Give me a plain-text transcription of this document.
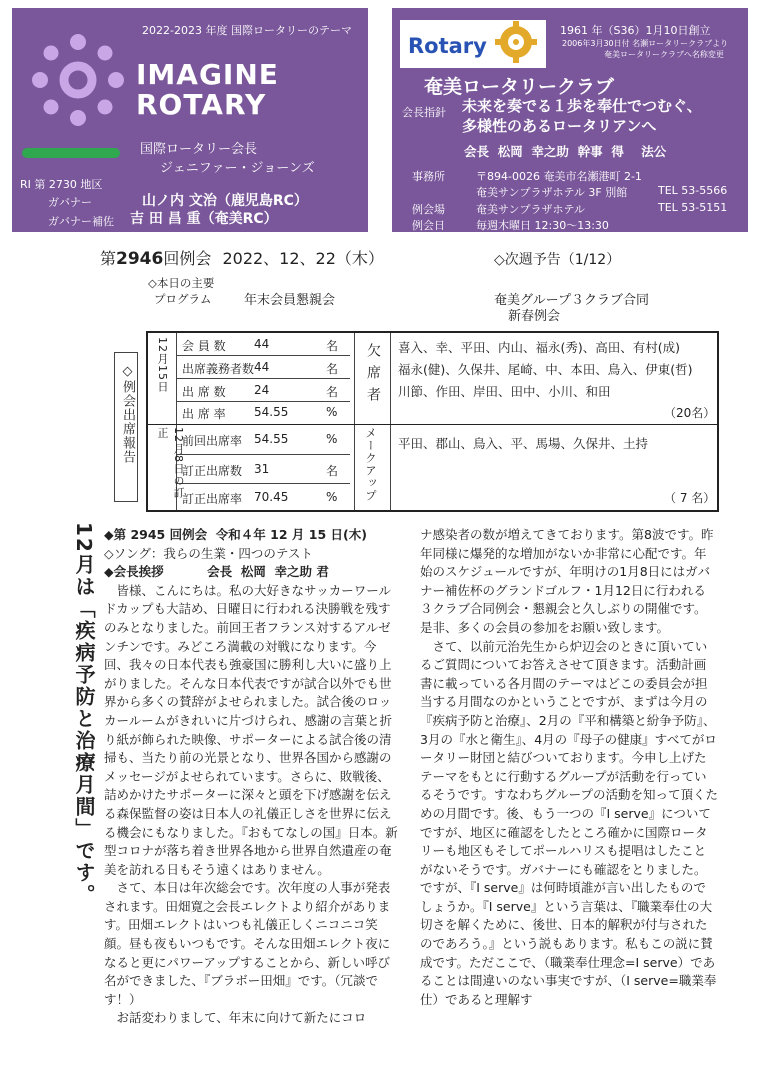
2022-2023 年度 国際ロータリーのテーマ
IMAGINE
ROTARY
国際ロータリー会長
ジェニファー・ジョーンズ
RI 第 2730 地区
ガバナー	山ノ内 文治（鹿児島RC）
ガバナー補佐 吉 田 昌 重（奄美RC）
Rotary
RI 第 2730 地区
1961 年（S36）1月10日創立
2006年3月30日付 名瀬ロータリークラブより
奄美ロータリークラブへ名称変更
奄美ロータリークラブ
会長指針 未来を奏でる１歩を奉仕でつむぐ、
多様性のあるロータリアンへ
会長  松岡  幸之助  幹事  得    法公
事務所	〒894-0026 奄美市名瀬港町 2-1
奄美サンプラザホテル 3F 別館	TEL 53-5566
例会場	奄美サンプラザホテル	TEL 53-5151
例会日	毎週木曜日 12:30～13:30
第2946回例会 2022、12、22（木）	◇次週予告（1/12）
◇本日の主要
プログラム	年末会員懇親会	奄美グループ３クラブ合同
新春例会
◇例会出席報告 12月15日
12月8日の訂正
会 員 数 44	名
出席義務者数 44	名
出 席 数 24	名
出 席 率 54.55	%
前回出席率 54.55	%
訂正出席数 31	名
訂正出席率 70.45	%
欠席者 喜入、幸、平田、内山、福永(秀)、高田、有村(成)
福永(健)、久保井、尾崎、中、本田、鳥入、伊東(哲)
川節、作田、岸田、田中、小川、和田
（20名）
メークアップ 平田、郡山、鳥入、平、馬場、久保井、土持
（ 7 名）
12月は「疾病予防と治療月間」です。 ◆第 2945 回例会  令和４年 12 月 15 日(木)

◇ソング：我らの生業・四つのテスト

◆会長挨拶          会長  松岡  幸之助 君

皆様、こんにちは。私の大好きなサッカーワールドカップも大詰め、日曜日に行われる決勝戦を残すのみとなりました。前回王者フランス対するアルゼンチンです。みどころ満載の対戦になります。今回、我々の日本代表も強豪国に勝利し大いに盛り上がりました。そんな日本代表ですが試合以外でも世界から多くの賛辞がよせられました。試合後のロッカールームがきれいに片づけられ、感謝の言葉と折り紙が飾られた映像、サポーターによる試合後の清掃も、当たり前の光景となり、世界各国から感謝のメッセージがよせられています。さらに、敗戦後、詰めかけたサポーターに深々と頭を下げ感謝を伝える森保監督の姿は日本人の礼儀正しさを世界に伝える機会にもなりました。『おもてなしの国』日本。新型コロナが落ち着き世界各地から世界自然遺産の奄美を訪れる日もそう遠くはありません。

さて、本日は年次総会です。次年度の人事が発表されます。田畑寛之会長エレクトより紹介があります。田畑エレクトはいつも礼儀正しくニコニコ笑顔。昼も夜もいつもです。そんな田畑エレクト夜になると更にパワーアップすることから、新しい呼び名ができました、『ブラボー田畑』です。（冗談です！）

お話変わりまして、年末に向けて新たにコロ

ナ感染者の数が増えてきております。第8波です。昨年同様に爆発的な増加がないか非常に心配です。年始のスケジュールですが、年明けの1月8日にはガバナー補佐杯のグランドゴルフ・1月12日に行われる３クラブ合同例会・懇親会と久しぶりの開催です。是非、多くの会員の参加をお願い致します。

さて、以前元治先生から炉辺会のときに頂いているご質問についてお答えさせて頂きます。活動計画書に載っている各月間のテーマはどこの委員会が担当する月間なのかということですが、まずは今月の『疾病予防と治療』、2月の『平和構築と紛争予防』、3月の『水と衛生』、4月の『母子の健康』すべてがロータリー財団と結びついております。今申し上げたテーマをもとに行動するグループが活動を行っているそうです。すなわちグループの活動を知って頂くための月間です。後、もう一つの『I serve』についてですが、地区に確認をしたところ確かに国際ロータリーも地区もそしてポールハリスも提唱はしたことがないそうです。ガバナーにも確認をとりました。ですが、『I serve』は何時頃誰が言い出したものでしょうか。『I serve』という言葉は、『職業奉仕の大切さを解くために、後世、日本的解釈が付与されたのであろう。』という説もあります。私もこの説に賛成です。ただここで、（職業奉仕理念=I serve）であることは間違いのない事実ですが、（I serve=職業奉仕）であると理解す
